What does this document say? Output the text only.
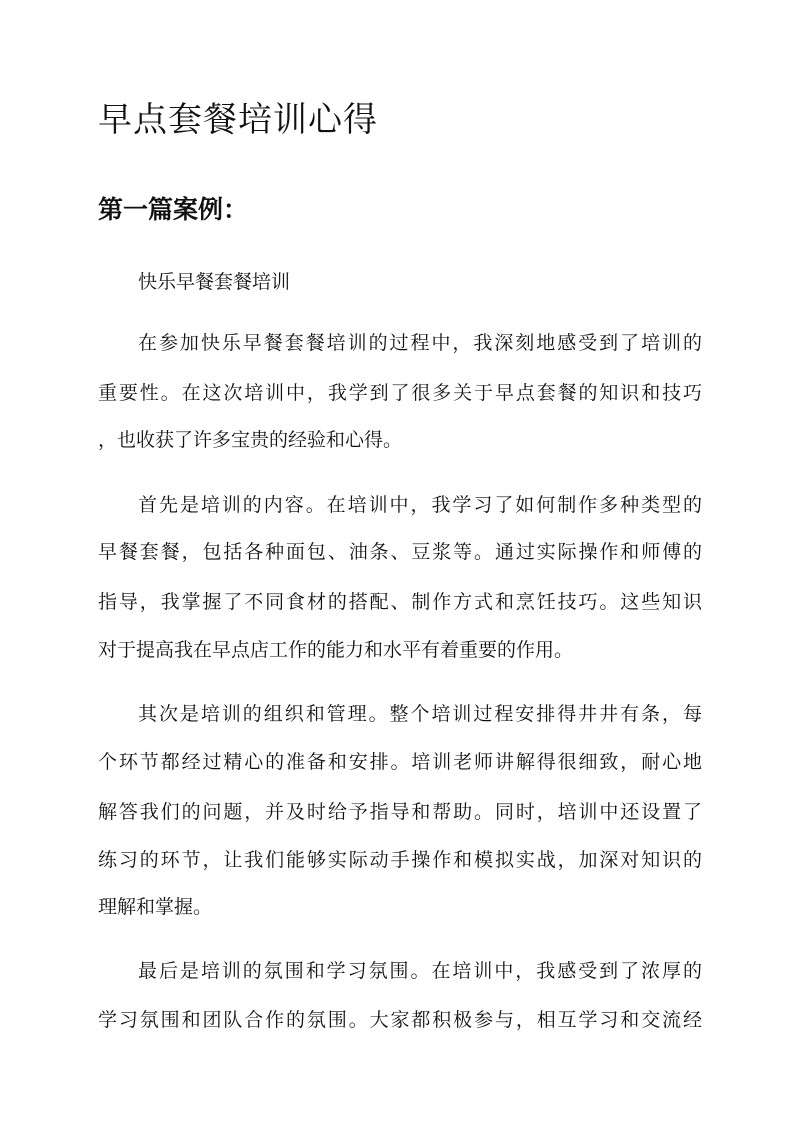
早点套餐培训心得
第一篇案例：

快乐早餐套餐培训

在参加快乐早餐套餐培训的过程中，我深刻地感受到了培训的

重要性。在这次培训中，我学到了很多关于早点套餐的知识和技巧

，也收获了许多宝贵的经验和心得。

首先是培训的内容。在培训中，我学习了如何制作多种类型的

早餐套餐，包括各种面包、油条、豆浆等。通过实际操作和师傅的

指导，我掌握了不同食材的搭配、制作方式和烹饪技巧。这些知识

对于提高我在早点店工作的能力和水平有着重要的作用。

其次是培训的组织和管理。整个培训过程安排得井井有条，每

个环节都经过精心的准备和安排。培训老师讲解得很细致，耐心地

解答我们的问题，并及时给予指导和帮助。同时，培训中还设置了

练习的环节，让我们能够实际动手操作和模拟实战，加深对知识的

理解和掌握。

最后是培训的氛围和学习氛围。在培训中，我感受到了浓厚的

学习氛围和团队合作的氛围。大家都积极参与，相互学习和交流经
